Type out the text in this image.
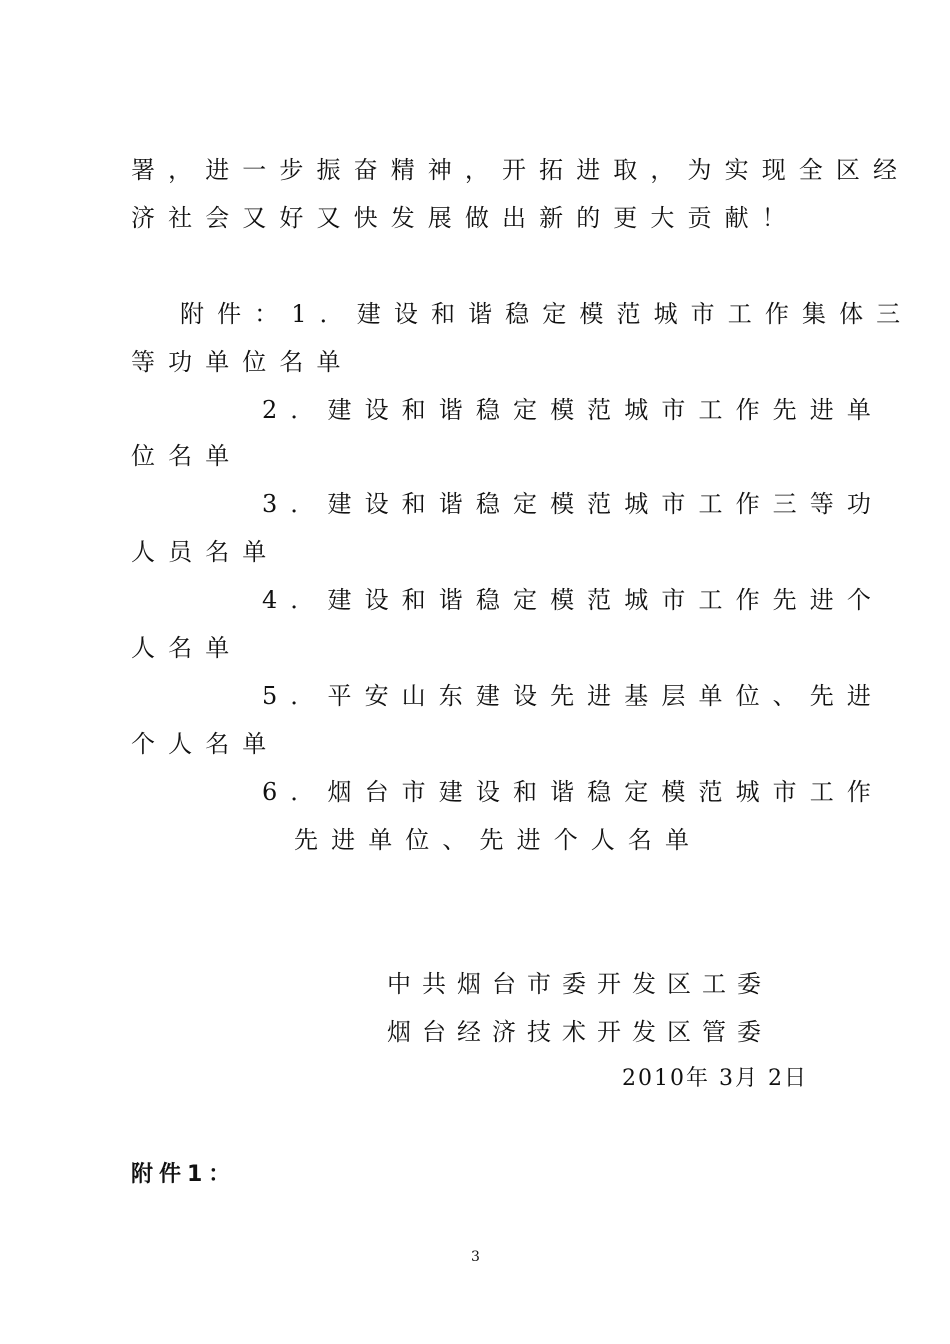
署，进一步振奋精神，开拓进取，为实现全区经
济社会又好又快发展做出新的更大贡献！
附件：1．建设和谐稳定模范城市工作集体三
等功单位名单
2．建设和谐稳定模范城市工作先进单
位名单
3．建设和谐稳定模范城市工作三等功
人员名单
4．建设和谐稳定模范城市工作先进个
人名单
5．平安山东建设先进基层单位、先进
个人名单
6．烟台市建设和谐稳定模范城市工作
先进单位、先进个人名单
中共烟台市委开发区工委
烟台经济技术开发区管委
2010年 3月 2日
附件1：
3
